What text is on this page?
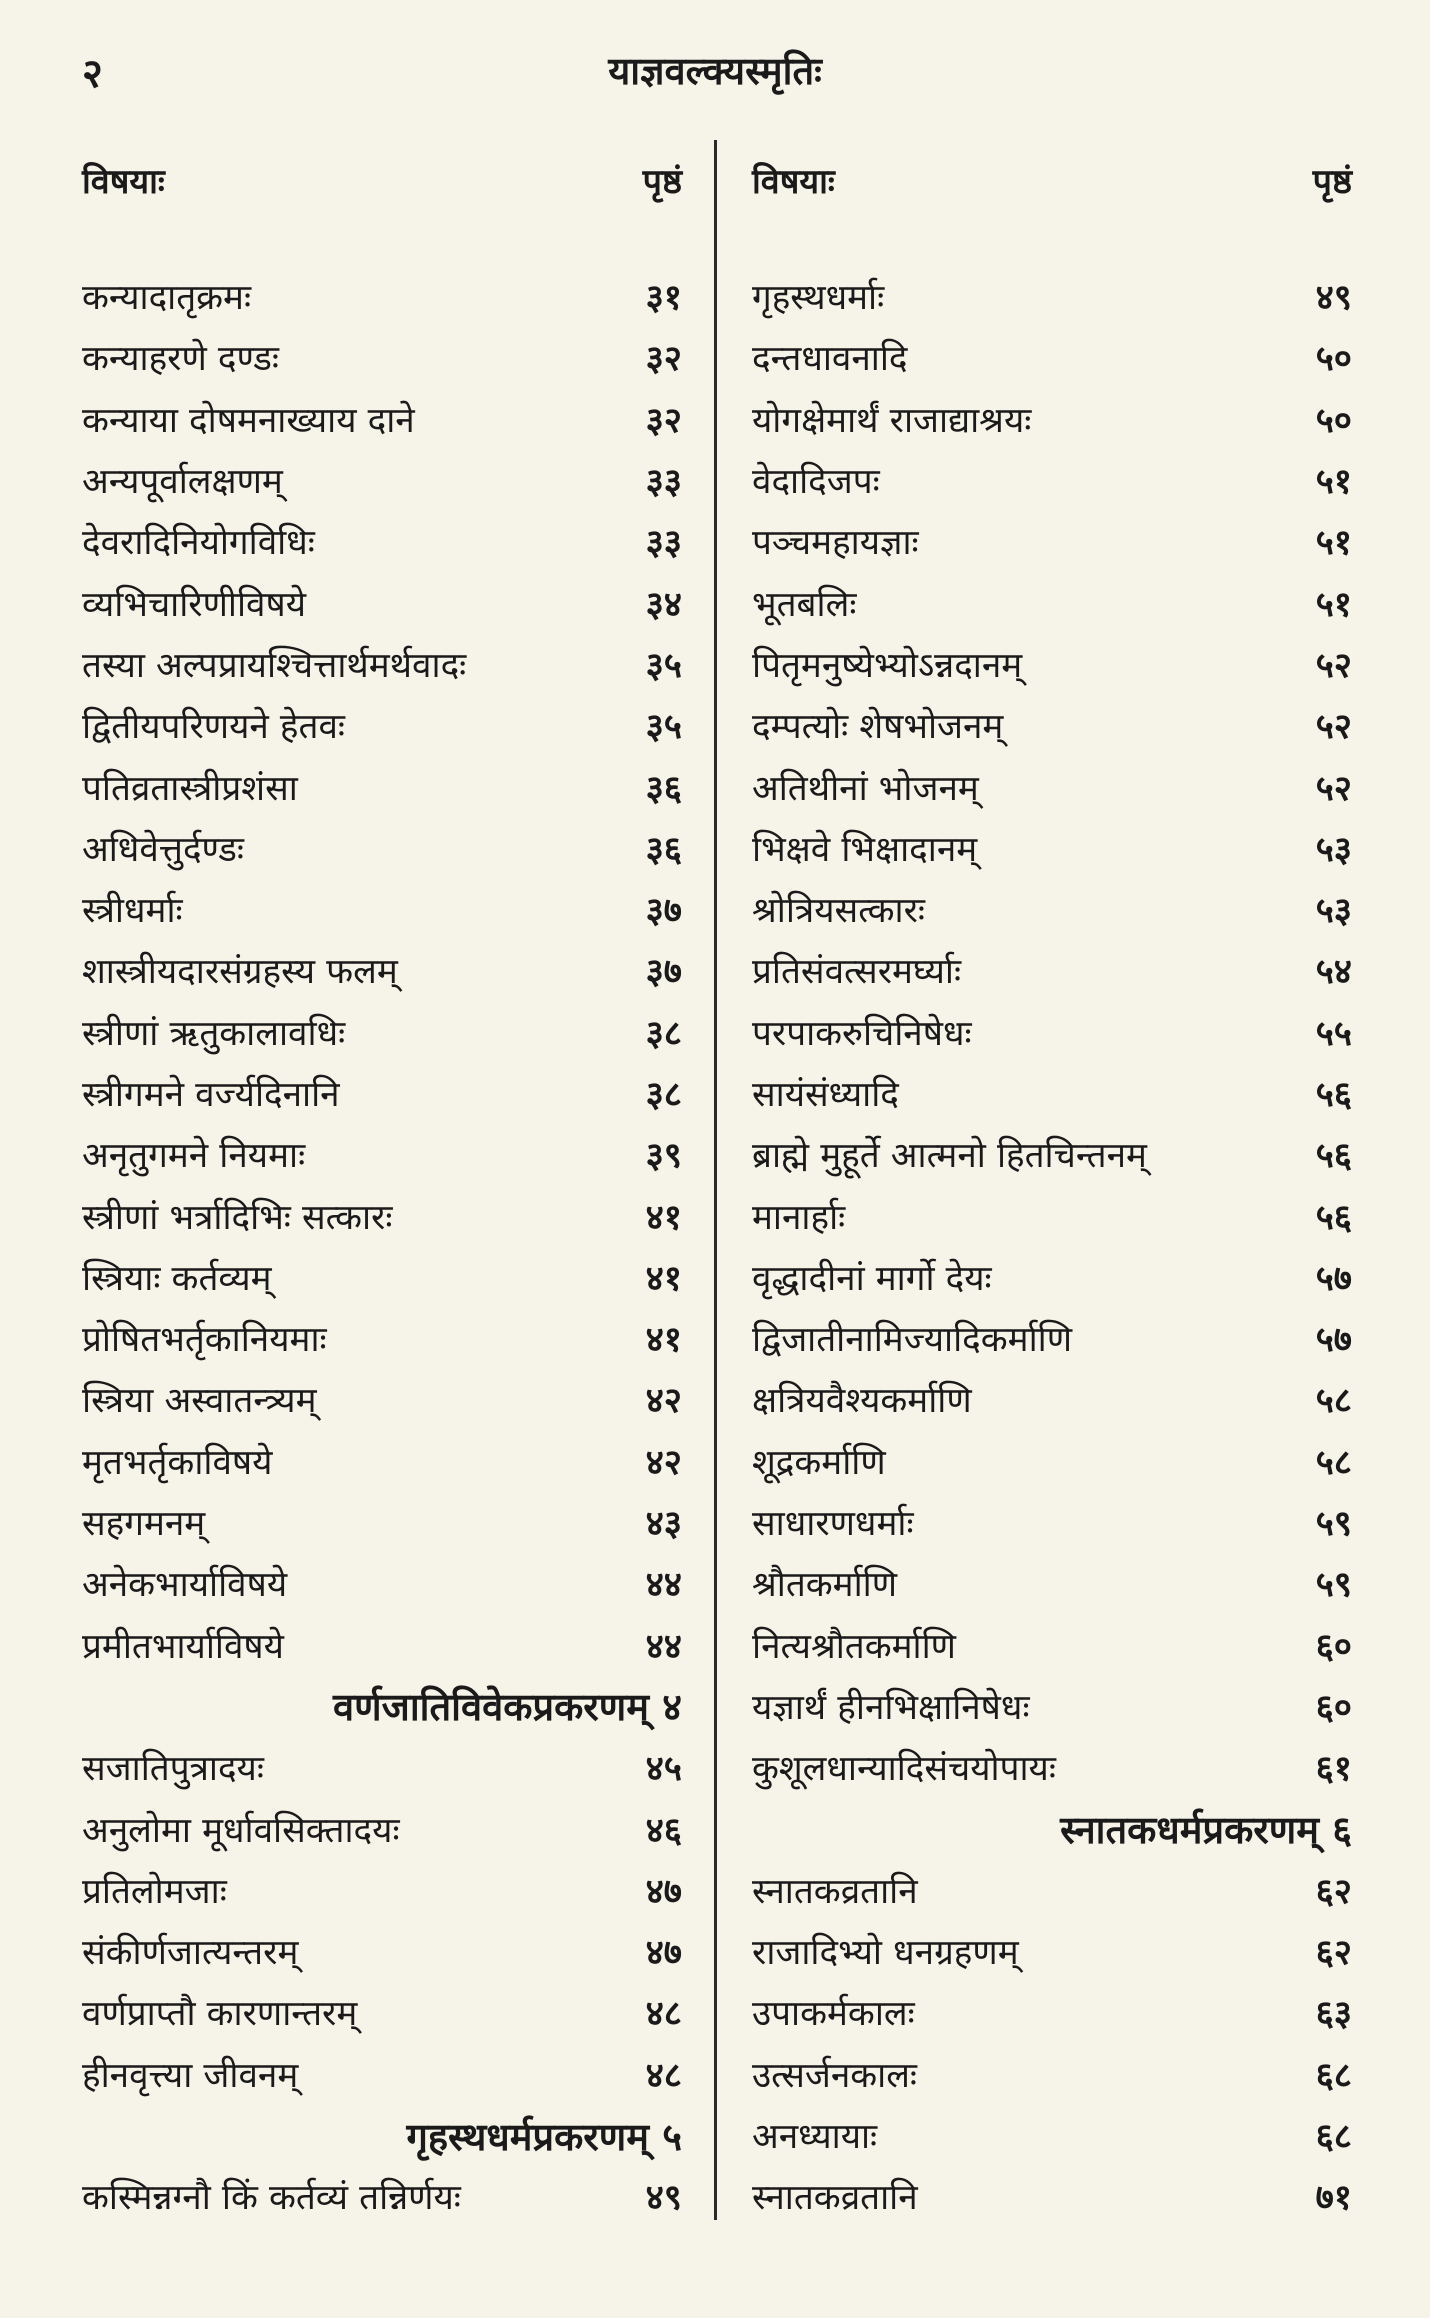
२	याज्ञवल्क्यस्मृतिः
विषयाः	पृष्ठं
कन्यादातृक्रमः	३१
कन्याहरणे दण्डः	३२
कन्याया दोषमनाख्याय दाने	३२
अन्यपूर्वालक्षणम्	३३
देवरादिनियोगविधिः	३३
व्यभिचारिणीविषये	३४
तस्या अल्पप्रायश्चित्तार्थमर्थवादः	३५
द्वितीयपरिणयने हेतवः	३५
पतिव्रतास्त्रीप्रशंसा	३६
अधिवेत्तुर्दण्डः	३६
स्त्रीधर्माः	३७
शास्त्रीयदारसंग्रहस्य फलम्	३७
स्त्रीणां ऋतुकालावधिः	३८
स्त्रीगमने वर्ज्यदिनानि	३८
अनृतुगमने नियमाः	३९
स्त्रीणां भर्त्रादिभिः सत्कारः	४१
स्त्रियाः कर्तव्यम्	४१
प्रोषितभर्तृकानियमाः	४१
स्त्रिया अस्वातन्त्र्यम्	४२
मृतभर्तृकाविषये	४२
सहगमनम्	४३
अनेकभार्याविषये	४४
प्रमीतभार्याविषये	४४
वर्णजातिविवेकप्रकरणम् ४
सजातिपुत्रादयः	४५
अनुलोमा मूर्धावसिक्तादयः	४६
प्रतिलोमजाः	४७
संकीर्णजात्यन्तरम्	४७
वर्णप्राप्तौ कारणान्तरम्	४८
हीनवृत्त्या जीवनम्	४८
गृहस्थधर्मप्रकरणम् ५
कस्मिन्नग्नौ किं कर्तव्यं तन्निर्णयः	४९
विषयाः	पृष्ठं
गृहस्थधर्माः	४९
दन्तधावनादि	५०
योगक्षेमार्थं राजाद्याश्रयः	५०
वेदादिजपः	५१
पञ्चमहायज्ञाः	५१
भूतबलिः	५१
पितृमनुष्येभ्योऽन्नदानम्	५२
दम्पत्योः शेषभोजनम्	५२
अतिथीनां भोजनम्	५२
भिक्षवे भिक्षादानम्	५३
श्रोत्रियसत्कारः	५३
प्रतिसंवत्सरमर्घ्याः	५४
परपाकरुचिनिषेधः	५५
सायंसंध्यादि	५६
ब्राह्मे मुहूर्ते आत्मनो हितचिन्तनम्	५६
मानार्हाः	५६
वृद्धादीनां मार्गो देयः	५७
द्विजातीनामिज्यादिकर्माणि	५७
क्षत्रियवैश्यकर्माणि	५८
शूद्रकर्माणि	५८
साधारणधर्माः	५९
श्रौतकर्माणि	५९
नित्यश्रौतकर्माणि	६०
यज्ञार्थं हीनभिक्षानिषेधः	६०
कुशूलधान्यादिसंचयोपायः	६१
स्नातकधर्मप्रकरणम् ६
स्नातकव्रतानि	६२
राजादिभ्यो धनग्रहणम्	६२
उपाकर्मकालः	६३
उत्सर्जनकालः	६८
अनध्यायाः	६८
स्नातकव्रतानि	७१
